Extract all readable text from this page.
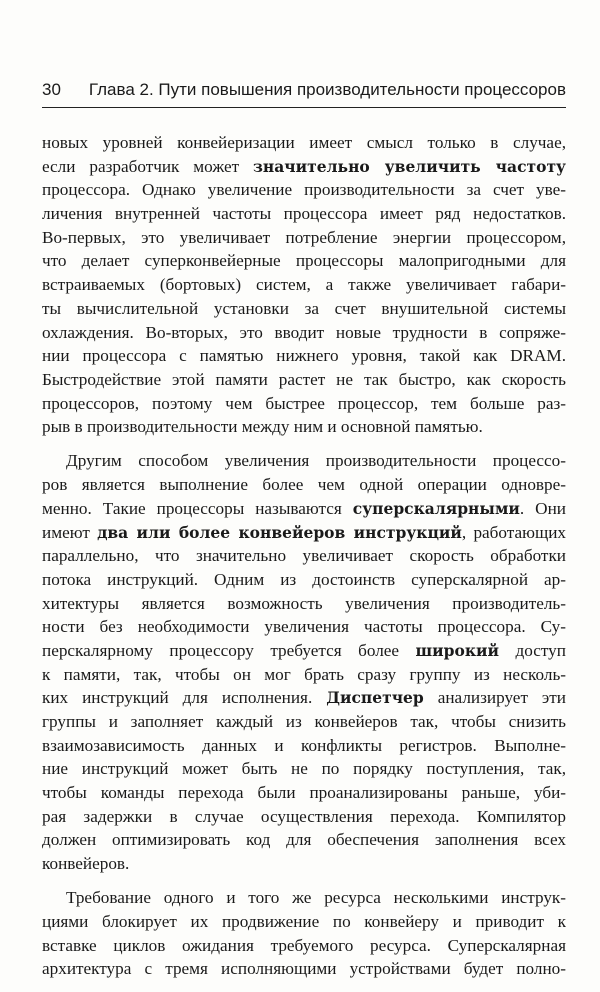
30 Глава 2. Пути повышения производительности процессоров
новых уровней конвейеризации имеет смысл только в случае,
если разработчик может значительно увеличить частоту
процессора. Однако увеличение производительности за счет уве-
личения внутренней частоты процессора имеет ряд недостатков.
Во-первых, это увеличивает потребление энергии процессором,
что делает суперконвейерные процессоры малопригодными для
встраиваемых (бортовых) систем, а также увеличивает габари-
ты вычислительной установки за счет внушительной системы
охлаждения. Во-вторых, это вводит новые трудности в сопряже-
нии процессора с памятью нижнего уровня, такой как DRAM.
Быстродействие этой памяти растет не так быстро, как скорость
процессоров, поэтому чем быстрее процессор, тем больше раз-
рыв в производительности между ним и основной памятью.
Другим способом увеличения производительности процессо-
ров является выполнение более чем одной операции одновре-
менно. Такие процессоры называются суперскалярными. Они
имеют два или более конвейеров инструкций, работающих
параллельно, что значительно увеличивает скорость обработки
потока инструкций. Одним из достоинств суперскалярной ар-
хитектуры является возможность увеличения производитель-
ности без необходимости увеличения частоты процессора. Су-
перскалярному процессору требуется более широкий доступ
к памяти, так, чтобы он мог брать сразу группу из несколь-
ких инструкций для исполнения. Диспетчер анализирует эти
группы и заполняет каждый из конвейеров так, чтобы снизить
взаимозависимость данных и конфликты регистров. Выполне-
ние инструкций может быть не по порядку поступления, так,
чтобы команды перехода были проанализированы раньше, уби-
рая задержки в случае осуществления перехода. Компилятор
должен оптимизировать код для обеспечения заполнения всех
конвейеров.
Требование одного и того же ресурса несколькими инструк-
циями блокирует их продвижение по конвейеру и приводит к
вставке циклов ожидания требуемого ресурса. Суперскалярная
архитектура с тремя исполняющими устройствами будет полно-
